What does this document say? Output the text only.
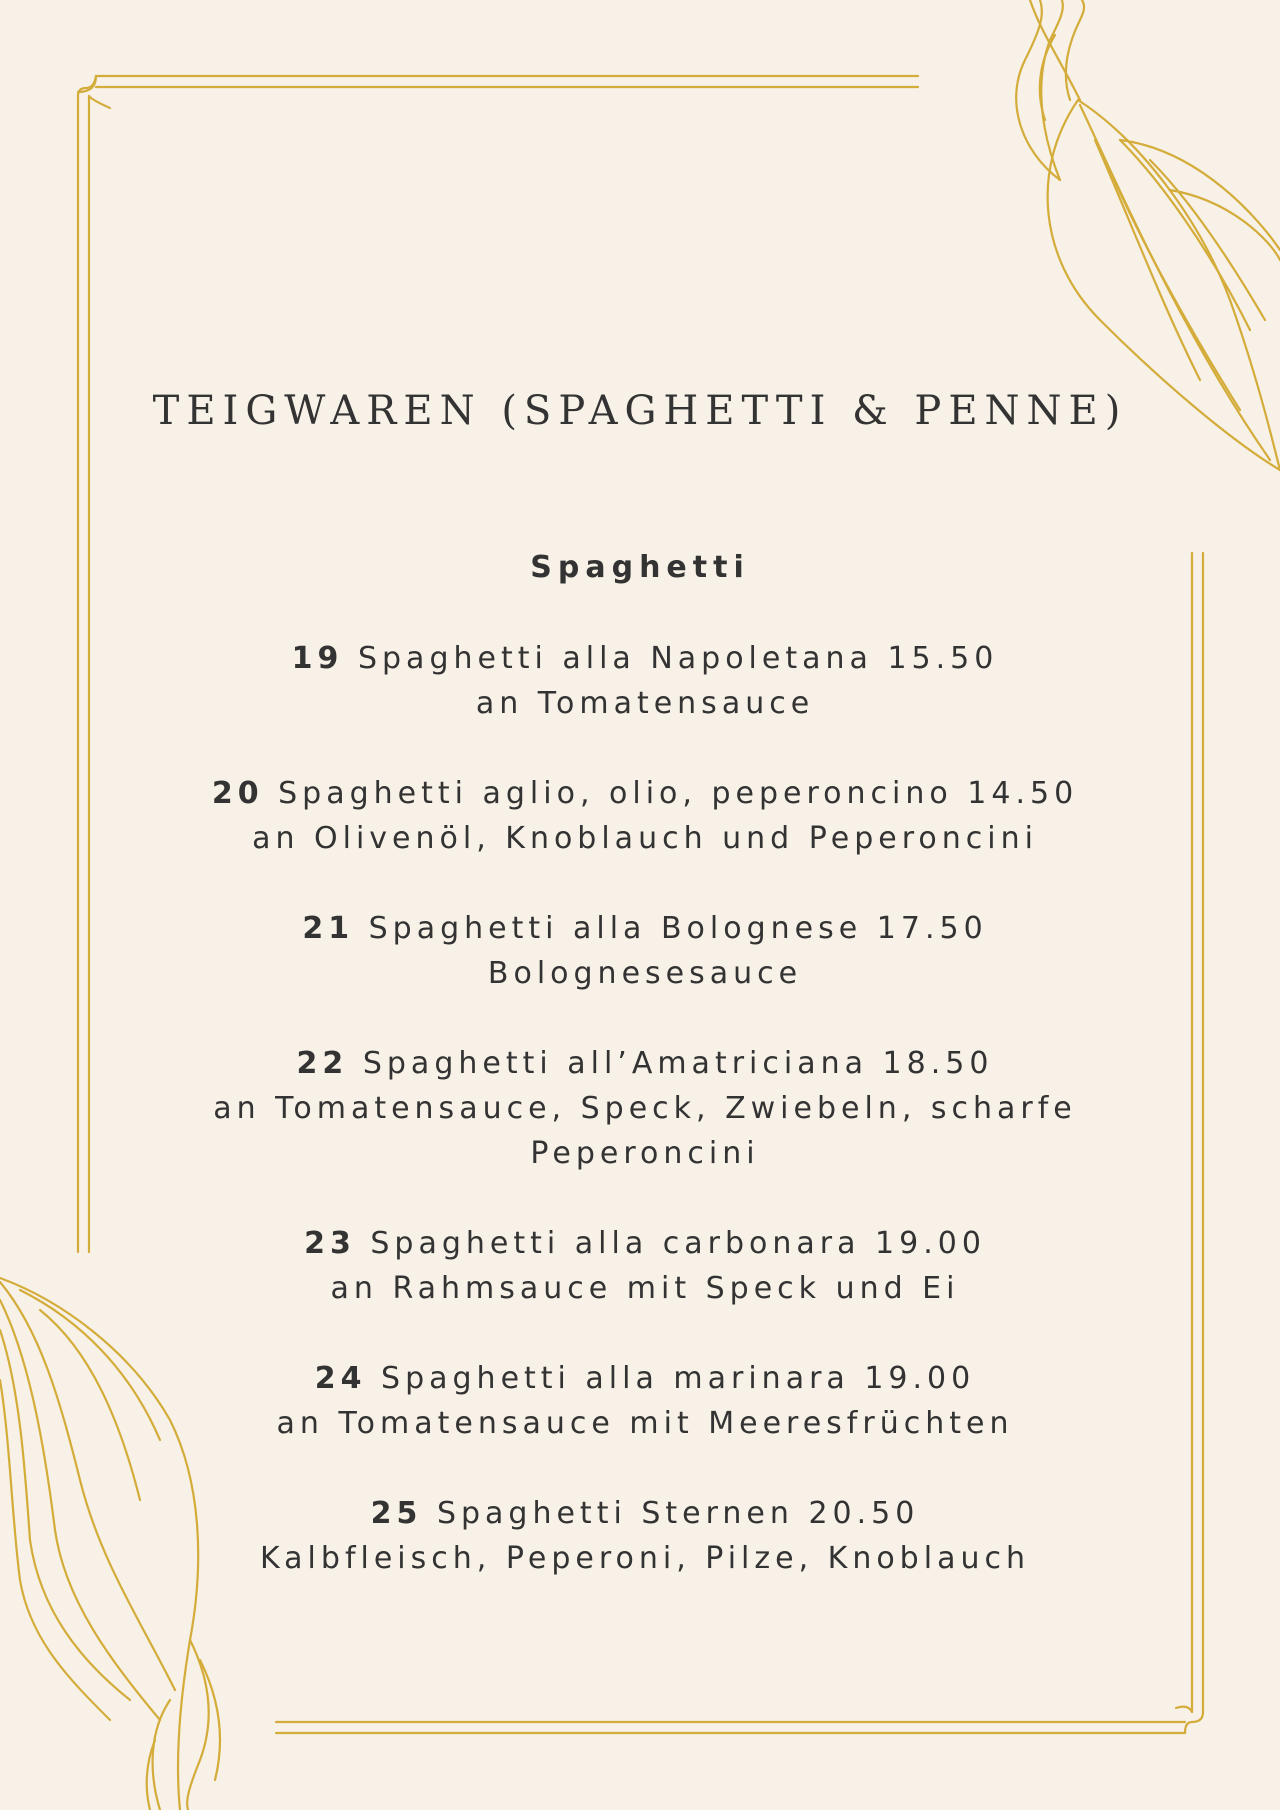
TEIGWAREN (SPAGHETTI & PENNE)
Spaghetti
19 Spaghetti alla Napoletana 15.50
an Tomatensauce
20 Spaghetti aglio, olio, peperoncino 14.50
an Olivenöl, Knoblauch und Peperoncini
21 Spaghetti alla Bolognese 17.50
Bolognesesauce
22 Spaghetti all’Amatriciana 18.50
an Tomatensauce, Speck, Zwiebeln, scharfe Peperoncini
23 Spaghetti alla carbonara 19.00
an Rahmsauce mit Speck und Ei
24 Spaghetti alla marinara 19.00
an Tomatensauce mit Meeresfrüchten
25 Spaghetti Sternen 20.50
Kalbfleisch, Peperoni, Pilze, Knoblauch
